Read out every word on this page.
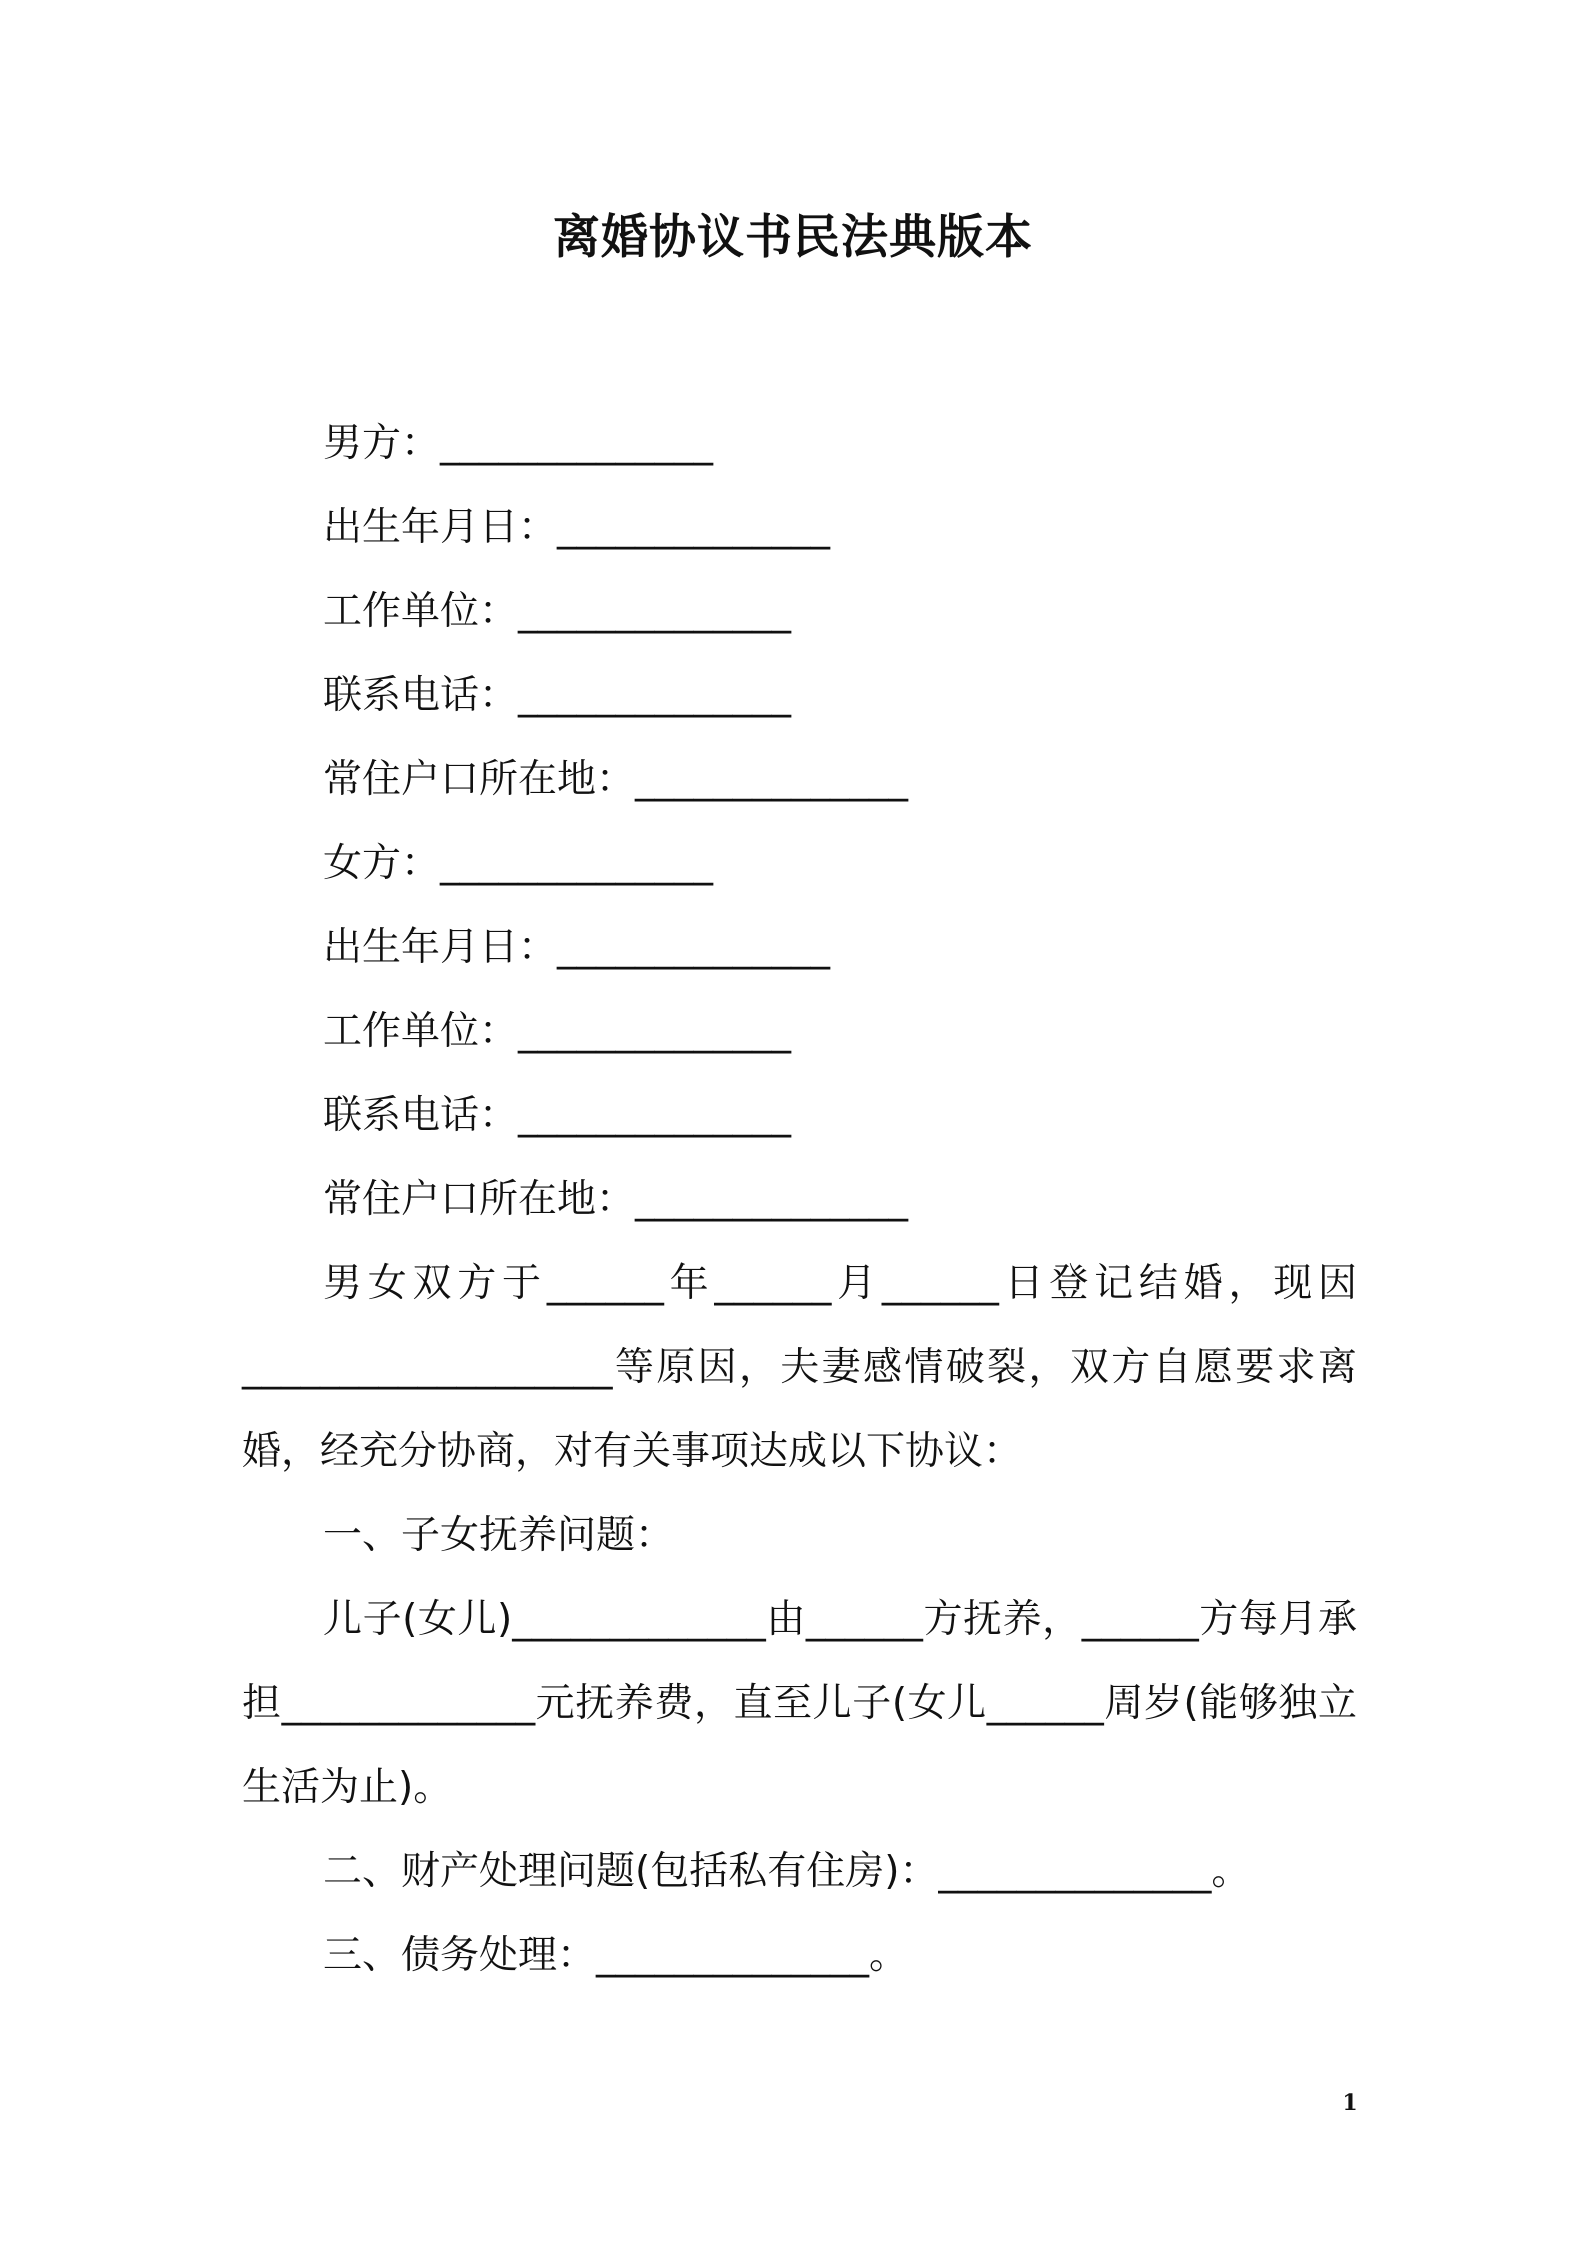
离婚协议书民法典版本
男方：______________
出生年月日：______________
工作单位：______________
联系电话：______________
常住户口所在地：______________
女方：______________
出生年月日：______________
工作单位：______________
联系电话：______________
常住户口所在地：______________
男女双方于______年______月______日登记结婚，现因___________________等原因，夫妻感情破裂，双方自愿要求离婚，经充分协商，对有关事项达成以下协议：
一、子女抚养问题：
儿子(女儿)_____________由______方抚养，______方每月承担_____________元抚养费，直至儿子(女儿______周岁(能够独立生活为止)。
二、财产处理问题(包括私有住房)：______________。
三、债务处理：______________。
1
